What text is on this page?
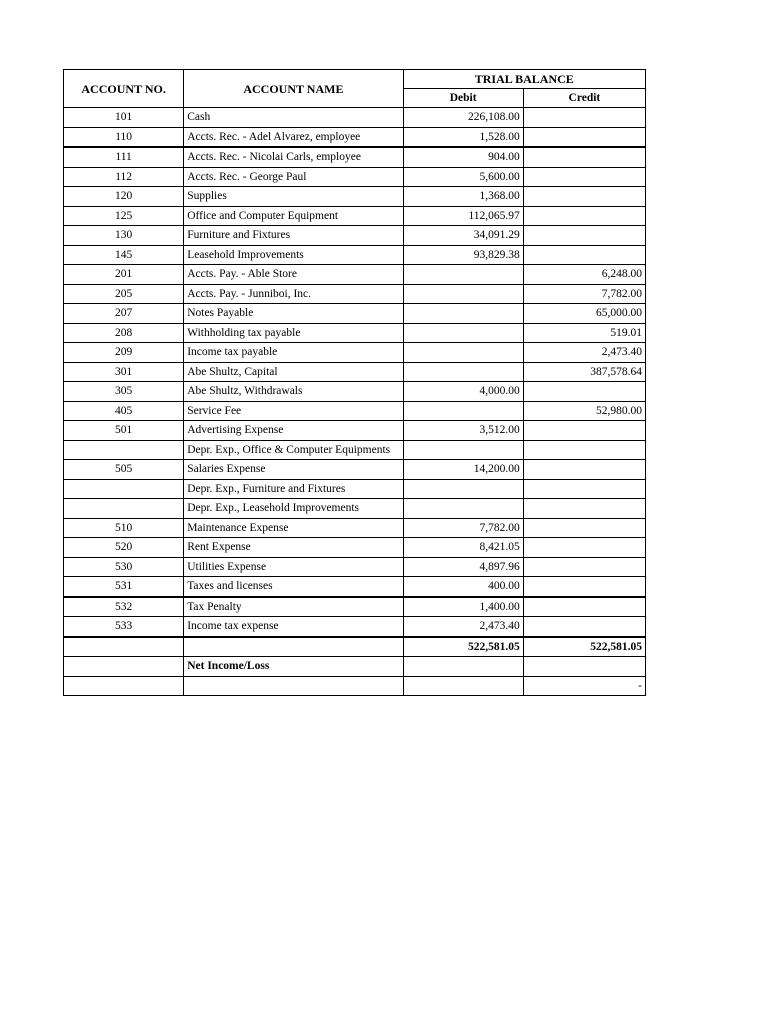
ACCOUNT NO.	ACCOUNT NAME	TRIAL BALANCE	
		Debit	Credit
101	Cash	226,108.00	
110	Accts. Rec. - Adel Alvarez, employee	1,528.00	
111	Accts. Rec. - Nicolai Carls, employee	904.00	
112	Accts. Rec. - George Paul	5,600.00	
120	Supplies	1,368.00	
125	Office and Computer Equipment	112,065.97	
130	Furniture and Fixtures	34,091.29	
145	Leasehold Improvements	93,829.38	
201	Accts. Pay. - Able Store		6,248.00
205	Accts. Pay. - Junniboi, Inc.		7,782.00
207	Notes Payable		65,000.00
208	Withholding tax payable		519.01
209	Income tax payable		2,473.40
301	Abe Shultz, Capital		387,578.64
305	Abe Shultz, Withdrawals	4,000.00	
405	Service Fee		52,980.00
501	Advertising Expense	3,512.00	
	Depr. Exp., Office & Computer Equipments		
505	Salaries Expense	14,200.00	
	Depr. Exp., Furniture and Fixtures		
	Depr. Exp., Leasehold Improvements		
510	Maintenance Expense	7,782.00	
520	Rent Expense	8,421.05	
530	Utilities Expense	4,897.96	
531	Taxes and licenses	400.00	
532	Tax Penalty	1,400.00	
533	Income tax expense	2,473.40	
		522,581.05	522,581.05
	Net Income/Loss		
			-
